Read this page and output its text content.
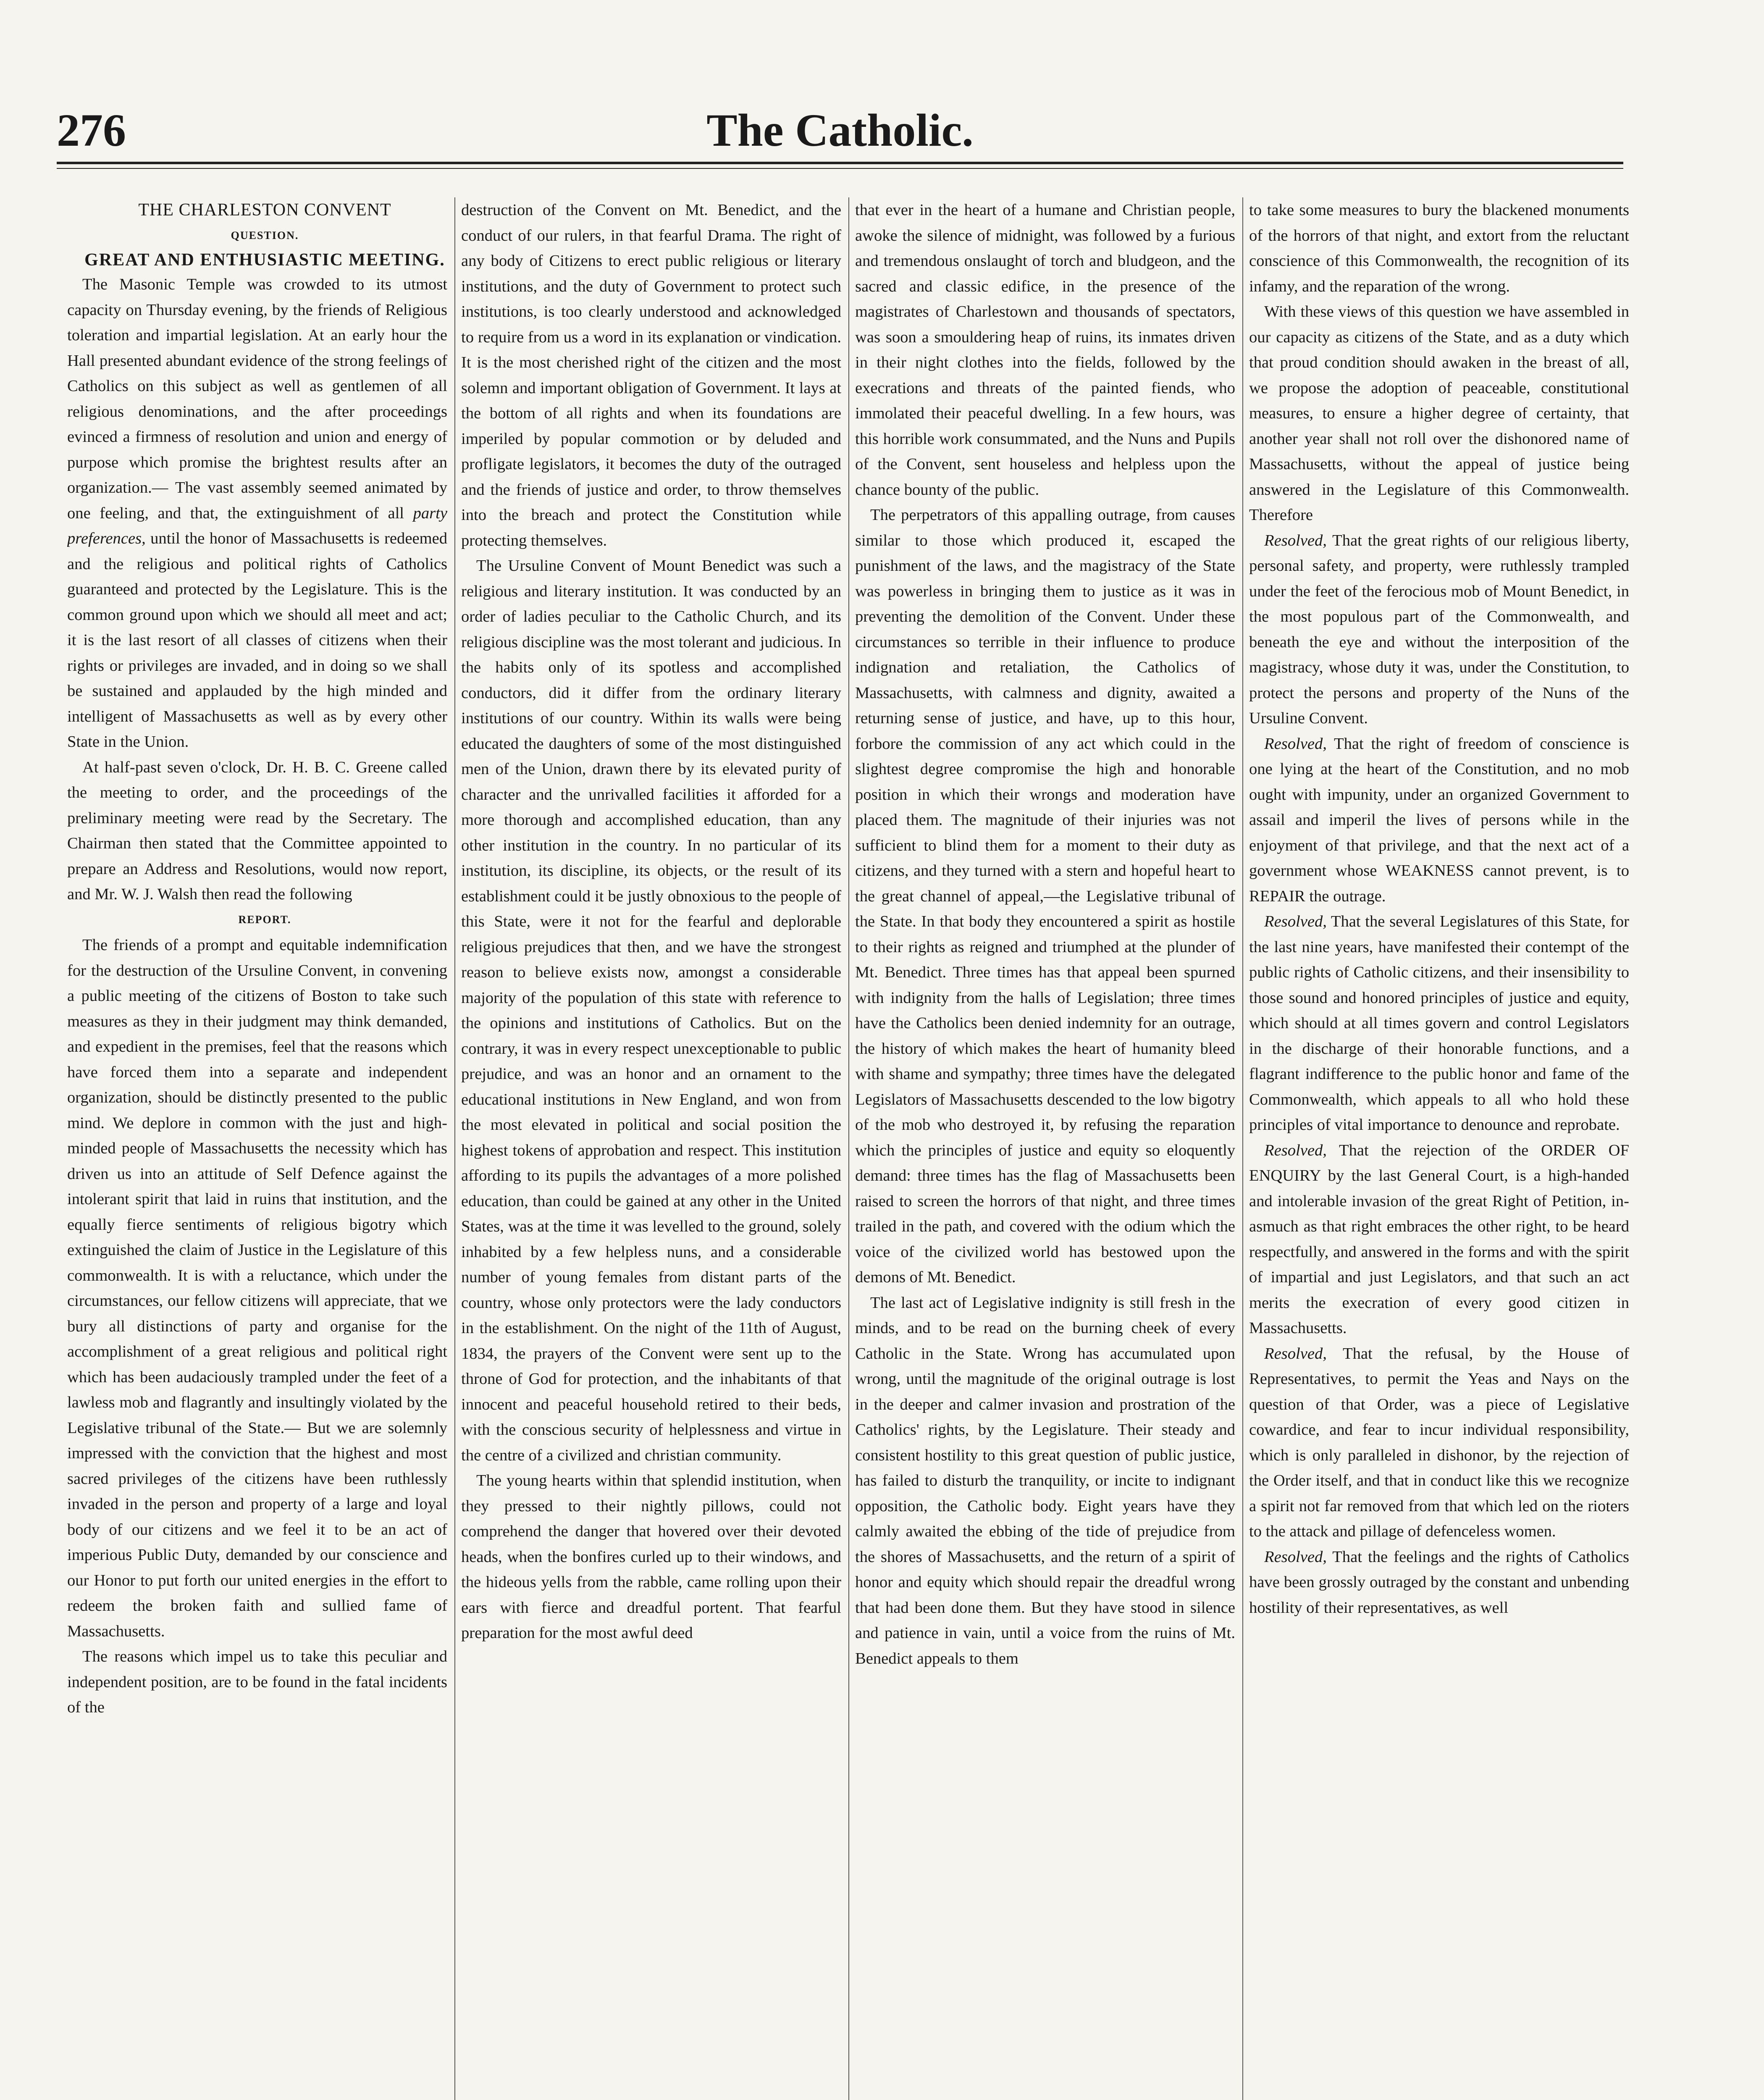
276	The Catholic.

THE CHARLESTON CONVENT

QUESTION.

GREAT AND ENTHUSIASTIC MEETING.

The Masonic Temple was crowded to its utmost capacity on Thursday evening, by the friends of Religious toleration and impartial legislation. At an early hour the Hall presented abundant evidence of the strong feelings of Catholics on this subject as well as gentlemen of all religious denominations, and the after proceedings evinced a firmness of resolution and union and energy of purpose which promise the brightest results after an organization.— The vast assembly seemed animated by one feeling, and that, the extinguishment of all party preferences, until the honor of Massachusetts is redeemed and the religious and political rights of Catholics guaranteed and protected by the Legislature. This is the common ground upon which we should all meet and act; it is the last resort of all classes of citizens when their rights or privileges are invaded, and in doing so we shall be sustained and applauded by the high minded and intelligent of Massachusetts as well as by every other State in the Union.

At half-past seven o'clock, Dr. H. B. C. Greene called the meeting to order, and the proceedings of the preliminary meeting were read by the Secretary. The Chairman then stated that the Committee appointed to prepare an Address and Resolutions, would now report, and Mr. W. J. Walsh then read the following

REPORT.

The friends of a prompt and equitable indemnification for the destruction of the Ursuline Convent, in convening a public meeting of the citizens of Boston to take such measures as they in their judgment may think demanded, and expedient in the premises, feel that the reasons which have forced them into a separate and independent organization, should be distinctly presented to the public mind. We deplore in common with the just and high-minded people of Massachusetts the necessity which has driven us into an attitude of Self Defence against the intolerant spirit that laid in ruins that institution, and the equally fierce sentiments of religious bigotry which extinguished the claim of Justice in the Legislature of this commonwealth. It is with a reluctance, which under the circumstances, our fellow citizens will appreciate, that we bury all distinctions of party and organise for the accomplishment of a great religious and political right which has been audaciously trampled under the feet of a lawless mob and flagrantly and insultingly violated by the Legislative tribunal of the State.— But we are solemnly impressed with the conviction that the highest and most sacred privileges of the citizens have been ruthlessly invaded in the person and property of a large and loyal body of our citizens and we feel it to be an act of imperious Public Duty, demanded by our conscience and our Honor to put forth our united energies in the effort to redeem the broken faith and sullied fame of Massachusetts.

The reasons which impel us to take this peculiar and independent position, are to be found in the fatal incidents of the

destruction of the Convent on Mt. Benedict, and the conduct of our rulers, in that fearful Drama. The right of any body of Citizens to erect public religious or literary institutions, and the duty of Government to protect such institutions, is too clearly understood and acknowledged to require from us a word in its explanation or vindication. It is the most cherished right of the citizen and the most solemn and important obligation of Government. It lays at the bottom of all rights and when its foundations are imperiled by popular commotion or by deluded and profligate legislators, it becomes the duty of the outraged and the friends of justice and order, to throw themselves into the breach and protect the Constitution while protecting themselves.

The Ursuline Convent of Mount Benedict was such a religious and literary institution. It was conducted by an order of ladies peculiar to the Catholic Church, and its religious discipline was the most tolerant and judicious. In the habits only of its spotless and accomplished conductors, did it differ from the ordinary literary institutions of our country. Within its walls were being educated the daughters of some of the most distinguished men of the Union, drawn there by its elevated purity of character and the unrivalled facilities it afforded for a more thorough and accomplished education, than any other institution in the country. In no particular of its institution, its discipline, its objects, or the result of its establishment could it be justly obnoxious to the people of this State, were it not for the fearful and deplorable religious prejudices that then, and we have the strongest reason to believe exists now, amongst a considerable majority of the population of this state with reference to the opinions and institutions of Catholics. But on the contrary, it was in every respect unexceptionable to public prejudice, and was an honor and an ornament to the educational institutions in New England, and won from the most elevated in political and social position the highest tokens of approbation and respect. This institution affording to its pupils the advantages of a more polished education, than could be gained at any other in the United States, was at the time it was levelled to the ground, solely inhabited by a few helpless nuns, and a considerable number of young females from distant parts of the country, whose only protectors were the lady conductors in the establishment. On the night of the 11th of August, 1834, the prayers of the Convent were sent up to the throne of God for protection, and the inhabitants of that innocent and peaceful household retired to their beds, with the conscious security of helplessness and virtue in the centre of a civilized and christian community.

The young hearts within that splendid institution, when they pressed to their nightly pillows, could not comprehend the danger that hovered over their devoted heads, when the bonfires curled up to their windows, and the hideous yells from the rabble, came rolling upon their ears with fierce and dreadful portent. That fearful preparation for the most awful deed

that ever in the heart of a humane and Christian people, awoke the silence of midnight, was followed by a furious and tremendous onslaught of torch and bludgeon, and the sacred and classic edifice, in the presence of the magistrates of Charlestown and thousands of spectators, was soon a smouldering heap of ruins, its inmates driven in their night clothes into the fields, followed by the execrations and threats of the painted fiends, who immolated their peaceful dwelling. In a few hours, was this horrible work consummated, and the Nuns and Pupils of the Convent, sent houseless and helpless upon the chance bounty of the public.

The perpetrators of this appalling outrage, from causes similar to those which produced it, escaped the punishment of the laws, and the magistracy of the State was powerless in bringing them to justice as it was in preventing the demolition of the Convent. Under these circumstances so terrible in their influence to produce indignation and retaliation, the Catholics of Massachusetts, with calmness and dignity, awaited a returning sense of justice, and have, up to this hour, forbore the commission of any act which could in the slightest degree compromise the high and honorable position in which their wrongs and moderation have placed them. The magnitude of their injuries was not sufficient to blind them for a moment to their duty as citizens, and they turned with a stern and hopeful heart to the great channel of appeal,—the Legislative tribunal of the State. In that body they encountered a spirit as hostile to their rights as reigned and triumphed at the plunder of Mt. Benedict. Three times has that appeal been spurned with indignity from the halls of Legislation; three times have the Catholics been denied indemnity for an outrage, the history of which makes the heart of humanity bleed with shame and sympathy; three times have the delegated Legislators of Massachusetts descended to the low bigotry of the mob who destroyed it, by refusing the reparation which the principles of justice and equity so eloquently demand: three times has the flag of Massachusetts been raised to screen the horrors of that night, and three times trailed in the path, and covered with the odium which the voice of the civilized world has bestowed upon the demons of Mt. Benedict.

The last act of Legislative indignity is still fresh in the minds, and to be read on the burning cheek of every Catholic in the State. Wrong has accumulated upon wrong, until the magnitude of the original outrage is lost in the deeper and calmer invasion and prostration of the Catholics' rights, by the Legislature. Their steady and consistent hostility to this great question of public justice, has failed to disturb the tranquility, or incite to indignant opposition, the Catholic body. Eight years have they calmly awaited the ebbing of the tide of prejudice from the shores of Massachusetts, and the return of a spirit of honor and equity which should repair the dreadful wrong that had been done them. But they have stood in silence and patience in vain, until a voice from the ruins of Mt. Benedict appeals to them

to take some measures to bury the blackened monuments of the horrors of that night, and extort from the reluctant conscience of this Commonwealth, the recognition of its infamy, and the reparation of the wrong.

With these views of this question we have assembled in our capacity as citizens of the State, and as a duty which that proud condition should awaken in the breast of all, we propose the adoption of peaceable, constitutional measures, to ensure a higher degree of certainty, that another year shall not roll over the dishonored name of Massachusetts, without the appeal of justice being answered in the Legislature of this Commonwealth. Therefore

Resolved, That the great rights of our religious liberty, personal safety, and property, were ruthlessly trampled under the feet of the ferocious mob of Mount Benedict, in the most populous part of the Commonwealth, and beneath the eye and without the interposition of the magistracy, whose duty it was, under the Constitution, to protect the persons and property of the Nuns of the Ursuline Convent.

Resolved, That the right of freedom of conscience is one lying at the heart of the Constitution, and no mob ought with impunity, under an organized Government to assail and imperil the lives of persons while in the enjoyment of that privilege, and that the next act of a government whose WEAKNESS cannot prevent, is to REPAIR the outrage.

Resolved, That the several Legislatures of this State, for the last nine years, have manifested their contempt of the public rights of Catholic citizens, and their insensibility to those sound and honored principles of justice and equity, which should at all times govern and control Legislators in the discharge of their honorable functions, and a flagrant indifference to the public honor and fame of the Commonwealth, which appeals to all who hold these principles of vital importance to denounce and reprobate.

Resolved, That the rejection of the ORDER OF ENQUIRY by the last General Court, is a high-handed and intolerable invasion of the great Right of Petition, in-asmuch as that right embraces the other right, to be heard respectfully, and answered in the forms and with the spirit of impartial and just Legislators, and that such an act merits the execration of every good citizen in Massachusetts.

Resolved, That the refusal, by the House of Representatives, to permit the Yeas and Nays on the question of that Order, was a piece of Legislative cowardice, and fear to incur individual responsibility, which is only paralleled in dishonor, by the rejection of the Order itself, and that in conduct like this we recognize a spirit not far removed from that which led on the rioters to the attack and pillage of defenceless women.

Resolved, That the feelings and the rights of Catholics have been grossly outraged by the constant and unbending hostility of their representatives, as well
